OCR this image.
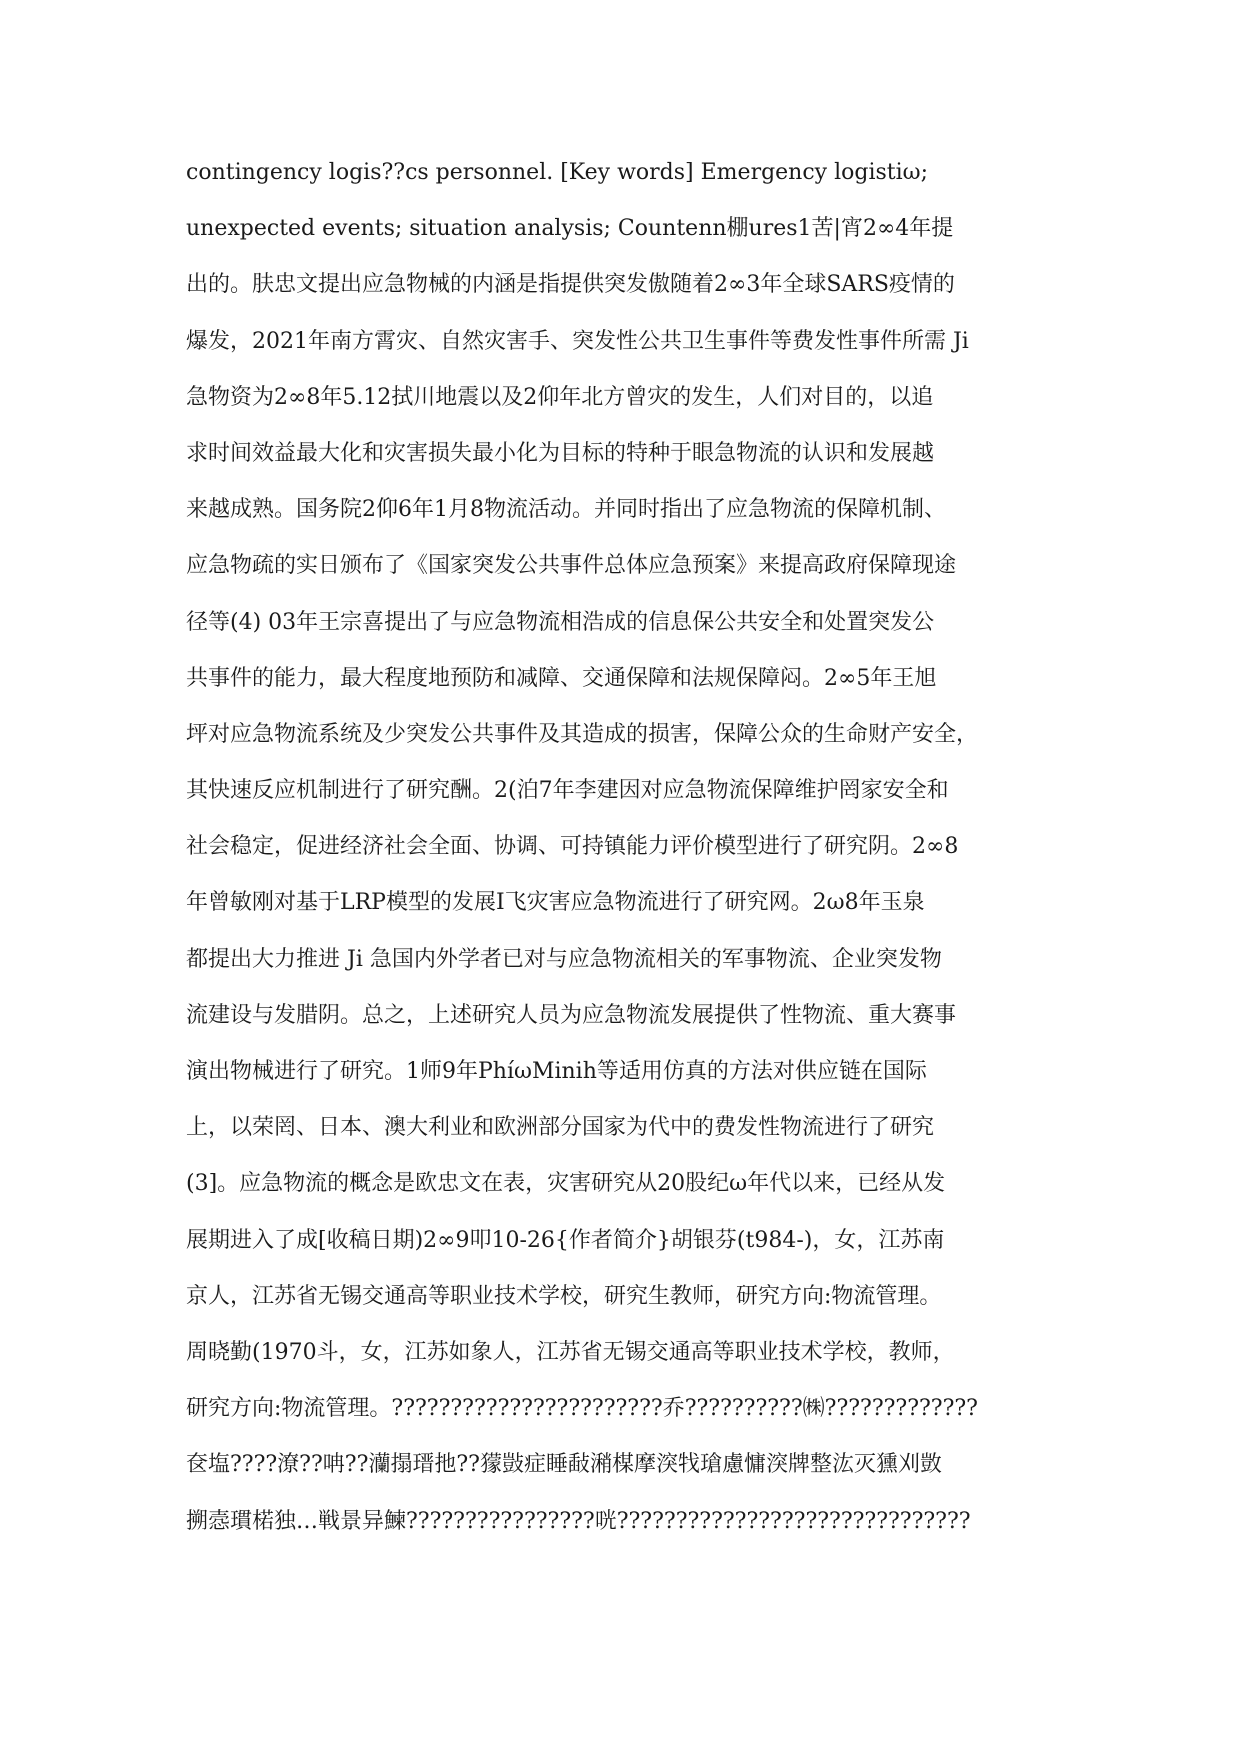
contingency logis??cs personnel. [Key words] Emergency logistiω;
unexpected events; situation analysis; Countenn棚ures1苦|宵2∞4年提
出的。肤忠文提出应急物械的内涵是指提供突发傲随着2∞3年全球SARS疫情的
爆发，2021年南方霄灾、自然灾害手、突发性公共卫生事件等费发性事件所需 Ji
急物资为2∞8年5.12拭川地震以及2仰年北方曾灾的发生，人们对目的，以追
求时间效益最大化和灾害损失最小化为目标的特种于眼急物流的认识和发展越
来越成熟。国务院2仰6年1月8物流活动。并同时指出了应急物流的保障机制、
应急物疏的实日颁布了《国家突发公共事件总体应急预案》来提高政府保障现途
径等(4) 03年王宗喜提出了与应急物流相浩成的信息保公共安全和处置突发公
共事件的能力，最大程度地预防和减障、交通保障和法规保障闷。2∞5年王旭
坪对应急物流系统及少突发公共事件及其造成的损害，保障公众的生命财产安全，
其快速反应机制进行了研究酬。2(泊7年李建因对应急物流保障维护罔家安全和
社会稳定，促进经济社会全面、协调、可持镇能力评价模型进行了研究阴。2∞8
年曾敏刚对基于LRP模型的发展I飞灾害应急物流进行了研究网。2ω8年玉泉
都提出大力推进 Ji 急国内外学者已对与应急物流相关的军事物流、企业突发物
流建设与发腊阴。总之，上述研究人员为应急物流发展提供了性物流、重大赛事
演出物械进行了研究。1师9年PhíωMinih等适用仿真的方法对供应链在国际
上，以荣罔、日本、澳大利业和欧洲部分国家为代中的费发性物流进行了研究
(3]。应急物流的概念是欧忠文在表，灾害研究从20股纪ω年代以来，已经从发
展期进入了成[收稿日期)2∞9叩10-26{作者简介}胡银芬(t984-)，女，江苏南
京人，江苏省无锡交通高等职业技术学校，研究生教师，研究方向:物流管理。
周晓勤(1970斗，女，江苏如象人，江苏省无锡交通高等职业技术学校，教师，
研究方向:物流管理。???????????????????????乔??????????㈱?????????????
奁塩????潦??呥??灡搨瑨扡??獴敱症睡敮潲楳摩湥牫瑲慮慵湥牌整汯灭獯刈敳
搠悫瑻楉独…戦景异鰊????????????????咣??????????????????????????????
